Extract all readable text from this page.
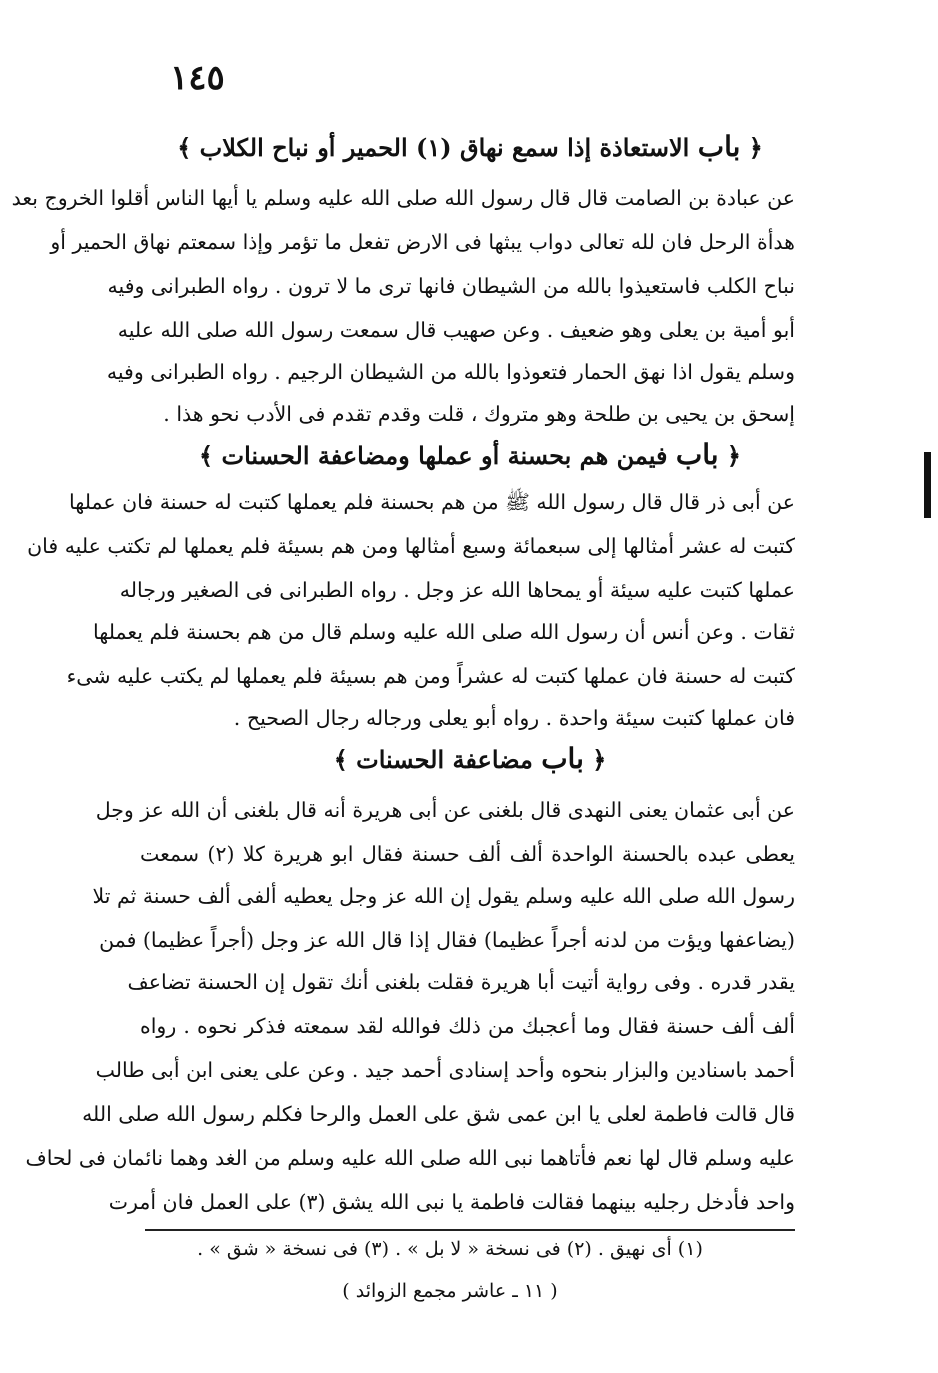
١٤٥
﴿ باب الاستعاذة إذا سمع نهاق (١) الحمير أو نباح الكلاب ﴾
عن عبادة بن الصامت قال قال رسول الله صلى الله عليه وسلم يا أيها الناس أقلوا الخروج بعد
هدأة الرحل فان لله تعالى دواب يبثها فى الارض تفعل ما تؤمر وإذا سمعتم نهاق الحمير أو
نباح الكلب فاستعيذوا بالله من الشيطان فانها ترى ما لا ترون . رواه الطبرانى وفيه
أبو أمية بن يعلى وهو ضعيف . وعن صهيب قال سمعت رسول الله صلى الله عليه
وسلم يقول اذا نهق الحمار فتعوذوا بالله من الشيطان الرجيم . رواه الطبرانى وفيه
إسحق بن يحيى بن طلحة وهو متروك ، قلت وقدم تقدم فى الأدب نحو هذا .
﴿ باب فيمن هم بحسنة أو عملها ومضاعفة الحسنات ﴾
عن أبى ذر قال قال رسول الله ﷺ من هم بحسنة فلم يعملها كتبت له حسنة فان عملها
كتبت له عشر أمثالها إلى سبعمائة وسبع أمثالها ومن هم بسيئة فلم يعملها لم تكتب عليه فان
عملها كتبت عليه سيئة أو يمحاها الله عز وجل . رواه الطبرانى فى الصغير ورجاله
ثقات . وعن أنس أن رسول الله صلى الله عليه وسلم قال من هم بحسنة فلم يعملها
كتبت له حسنة فان عملها كتبت له عشراً ومن هم بسيئة فلم يعملها لم يكتب عليه شىء
فان عملها كتبت سيئة واحدة . رواه أبو يعلى ورجاله رجال الصحيح .
﴿ باب مضاعفة الحسنات ﴾
عن أبى عثمان يعنى النهدى قال بلغنى عن أبى هريرة أنه قال بلغنى أن الله عز وجل
يعطى عبده بالحسنة الواحدة ألف ألف حسنة فقال ابو هريرة كلا (٢) سمعت
رسول الله صلى الله عليه وسلم يقول إن الله عز وجل يعطيه ألفى ألف حسنة ثم تلا
(يضاعفها ويؤت من لدنه أجراً عظيما) فقال إذا قال الله عز وجل (أجراً عظيما) فمن
يقدر قدره . وفى رواية أتيت أبا هريرة فقلت بلغنى أنك تقول إن الحسنة تضاعف
ألف ألف حسنة فقال وما أعجبك من ذلك فوالله لقد سمعته فذكر نحوه . رواه
أحمد باسنادين والبزار بنحوه وأحد إسنادى أحمد جيد . وعن على يعنى ابن أبى طالب
قال قالت فاطمة لعلى يا ابن عمى شق على العمل والرحا فكلم رسول الله صلى الله
عليه وسلم قال لها نعم فأتاهما نبى الله صلى الله عليه وسلم من الغد وهما نائمان فى لحاف
واحد فأدخل رجليه بينهما فقالت فاطمة يا نبى الله يشق (٣) على العمل فان أمرت
(١) أى نهيق . (٢) فى نسخة « لا بل » . (٣) فى نسخة « شق » .
( ١١ ـ عاشر مجمع الزوائد )
